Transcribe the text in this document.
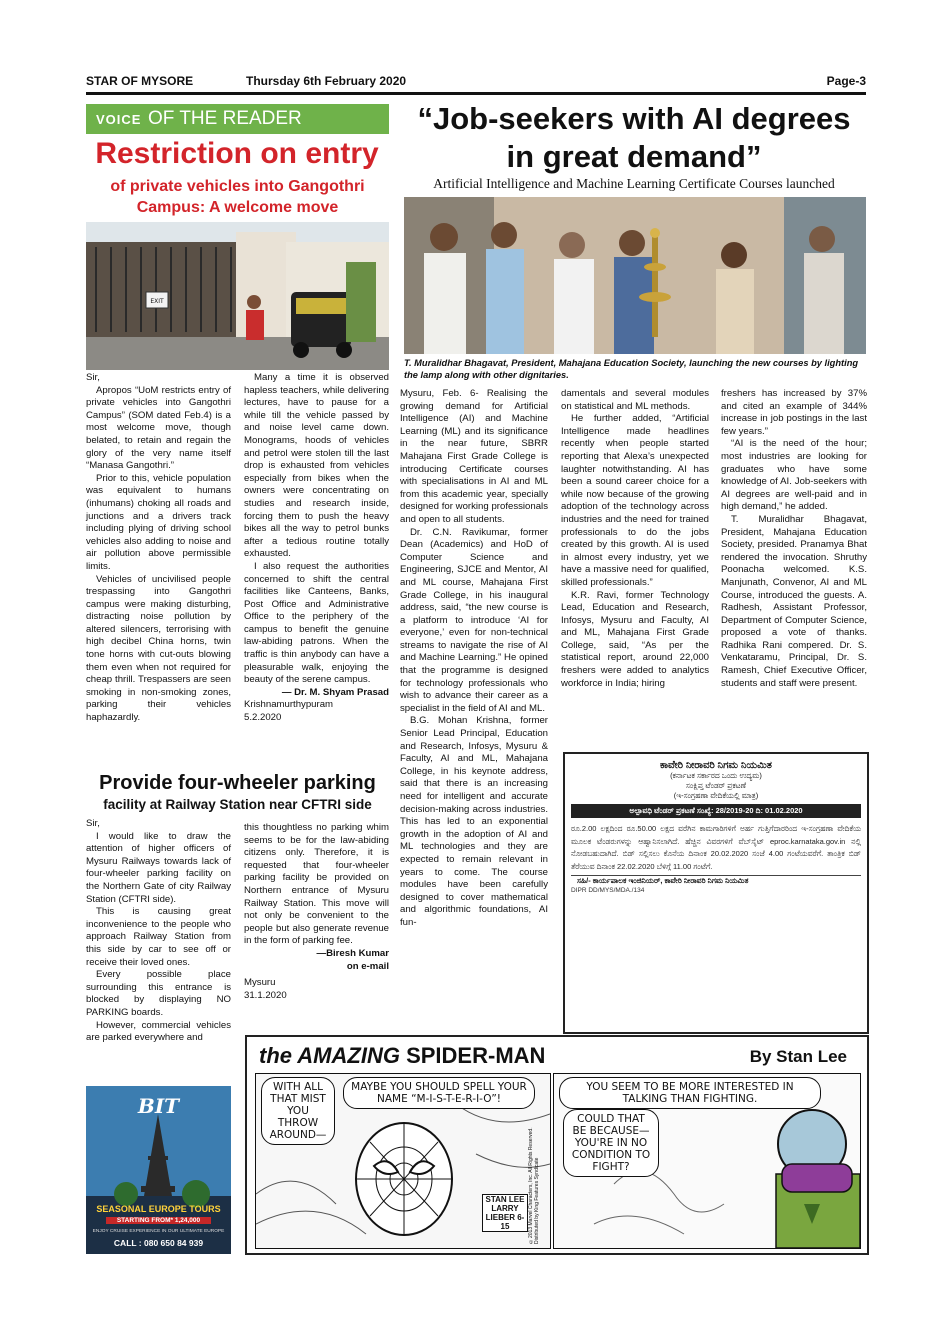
STAR OF MYSORE	Thursday 6th February 2020	Page-3
VOICE OF THE READER
Restriction on entry
of private vehicles into Gangothri Campus: A welcome move
EXIT

Sir,

Apropos “UoM restricts entry of private vehicles into Gangothri Campus” (SOM dated Feb.4) is a most welcome move, though belated, to retain and regain the glory of the very name itself “Manasa Gangothri.”

Prior to this, vehicle population was equivalent to humans (inhumans) choking all roads and junctions and a drivers track including plying of driving school vehicles also adding to noise and air pollution above permissible limits.

Vehicles of uncivilised people trespassing into Gangothri campus were making disturbing, distracting noise pollution by altered silencers, terrorising with high decibel China horns, twin tone horns with cut-outs blowing them even when not required for cheap thrill. Trespassers are seen smoking in non-smoking zones, parking their vehicles haphazardly.

Many a time it is observed hapless teachers, while delivering lectures, have to pause for a while till the vehicle passed by and noise level came down. Monograms, hoods of vehicles and petrol were stolen till the last drop is exhausted from vehicles especially from bikes when the owners were concentrating on studies and research inside, forcing them to push the heavy bikes all the way to petrol bunks after a tedious routine totally exhausted.

I also request the authorities concerned to shift the central facilities like Canteens, Banks, Post Office and Administrative Office to the periphery of the campus to benefit the genuine law-abiding patrons. When the traffic is thin anybody can have a pleasurable walk, enjoying the beauty of the serene campus.

— Dr. M. Shyam Prasad
Krishnamurthypuram
5.2.2020
Provide four-wheeler parking
facility at Railway Station near CFTRI side

Sir,

I would like to draw the attention of higher officers of Mysuru Railways towards lack of four-wheeler parking facility on the Northern Gate of city Railway Station (CFTRI side).

This is causing great inconvenience to the people who approach Railway Station from this side by car to see off or receive their loved ones.

Every possible place surrounding this entrance is blocked by displaying NO PARKING boards.

However, commercial vehicles are parked everywhere and

this thoughtless no parking whim seems to be for the law-abiding citizens only. Therefore, it is requested that four-wheeler parking facility be provided on Northern entrance of Mysuru Railway Station. This move will not only be convenient to the people but also generate revenue in the form of parking fee.

—Biresh Kumar
on e-mail
Mysuru
31.1.2020
BIT
SEASONAL EUROPE TOURS
STARTING FROM* 1,24,000
ENJOY CRUISE EXPERIENCE IN OUR ULTIMATE EUROPE
CALL : 080 650 84 939
“Job-seekers with AI degrees
in great demand”
Artificial Intelligence and Machine Learning Certificate Courses launched
T. Muralidhar Bhagavat, President, Mahajana Education Society, launching the new courses by lighting the lamp along with other dignitaries.

Mysuru, Feb. 6- Realising the growing demand for Artificial Intelligence (AI) and Machine Learning (ML) and its significance in the near future, SBRR Mahajana First Grade College is introducing Certificate courses with specialisations in AI and ML from this academic year, specially designed for working professionals and open to all students.

Dr. C.N. Ravikumar, former Dean (Academics) and HoD of Computer Science and Engineering, SJCE and Mentor, AI and ML course, Mahajana First Grade College, in his inaugural address, said, “the new course is a platform to introduce ‘AI for everyone,’ even for non-technical streams to navigate the rise of AI and Machine Learning.” He opined that the programme is designed for technology professionals who wish to advance their career as a specialist in the field of AI and ML.

B.G. Mohan Krishna, former Senior Lead Principal, Education and Research, Infosys, Mysuru & Faculty, AI and ML, Mahajana College, in his keynote address, said that there is an increasing need for intelligent and accurate decision-making across industries. This has led to an exponential growth in the adoption of AI and ML technologies and they are expected to remain relevant in years to come. The course modules have been carefully designed to cover mathematical and algorithmic foundations, AI fun-

damentals and several modules on statistical and ML methods.

He further added, “Artificial Intelligence made headlines recently when people started reporting that Alexa’s unexpected laughter notwithstanding. AI has been a sound career choice for a while now because of the growing adoption of the technology across industries and the need for trained professionals to do the jobs created by this growth. AI is used in almost every industry, yet we have a massive need for qualified, skilled professionals.”

K.R. Ravi, former Technology Lead, Education and Research, Infosys, Mysuru and Faculty, AI and ML, Mahajana First Grade College, said, “As per the statistical report, around 22,000 freshers were added to analytics workforce in India; hiring

freshers has increased by 37% and cited an example of 344% increase in job postings in the last few years.”

“AI is the need of the hour; most industries are looking for graduates who have some knowledge of AI. Job-seekers with AI degrees are well-paid and in high demand,” he added.

T. Muralidhar Bhagavat, President, Mahajana Education Society, presided. Pranamya Bhat rendered the invocation. Shruthy Poonacha welcomed. K.S. Manjunath, Convenor, AI and ML Course, introduced the guests. A. Radhesh, Assistant Professor, Department of Computer Science, proposed a vote of thanks. Radhika Rani compered. Dr. S. Venkataramu, Principal, Dr. S. Ramesh, Chief Executive Officer, students and staff were present.

ಕಾವೇರಿ ನೀರಾವರಿ ನಿಗಮ ನಿಯಮಿತ
(ಕರ್ನಾಟಕ ಸರ್ಕಾರದ ಒಂದು ಉದ್ಯಮ)
ಸಂಕ್ಷಿಪ್ತ ಟೆಂಡರ್ ಪ್ರಕಟಣೆ
(ಇ-ಸಂಗ್ರಹಣಾ ವೇದಿಕೆಯಲ್ಲಿ ಮಾತ್ರ)
ಅಲ್ಪಾವಧಿ ಟೆಂಡರ್ ಪ್ರಕಟಣೆ ಸಂಖ್ಯೆ: 28/2019-20 ದಿ: 01.02.2020
ರೂ.2.00 ಲಕ್ಷದಿಂದ ರೂ.50.00 ಲಕ್ಷದ ವರೆಗಿನ ಕಾಮಗಾರಿಗಳಿಗೆ ಅರ್ಹ ಗುತ್ತಿಗೆದಾರರಿಂದ ಇ-ಸಂಗ್ರಹಣಾ ವೇದಿಕೆಯ ಮೂಲಕ ಟೆಂಡರುಗಳನ್ನು ಆಹ್ವಾನಿಸಲಾಗಿದೆ. ಹೆಚ್ಚಿನ ವಿವರಗಳಿಗೆ ವೆಬ್‌ಸೈಟ್ eproc.karnataka.gov.in ನಲ್ಲಿ ನೋಡಬಹುದಾಗಿದೆ. ಬಿಡ್ ಸಲ್ಲಿಸಲು ಕೊನೆಯ ದಿನಾಂಕ 20.02.2020 ಸಂಜೆ 4.00 ಗಂಟೆಯವರೆಗೆ. ತಾಂತ್ರಿಕ ಬಿಡ್ ತೆರೆಯುವ ದಿನಾಂಕ 22.02.2020 ಬೆಳಿಗ್ಗೆ 11.00 ಗಂಟೆಗೆ.
ಸಹಿ/- ಕಾರ್ಯಪಾಲಕ ಇಂಜಿನಿಯರ್, ಕಾವೇರಿ ನೀರಾವರಿ ನಿಗಮ ನಿಯಮಿತ
DIPR DD/MYS/MDA./134
the AMAZING SPIDER-MAN	By Stan Lee
STAN LEE LARRY LIEBER 6-15	©2013 Marvel Characters, Inc. All Rights Reserved. Distributed by King Features Syndicate
WITH ALL THAT MIST YOU THROW AROUND—
MAYBE YOU SHOULD SPELL YOUR NAME “M-I-S-T-E-R-I-O”!
YOU SEEM TO BE MORE INTERESTED IN TALKING THAN FIGHTING.
COULD THAT BE BECAUSE— YOU'RE IN NO CONDITION TO FIGHT?
